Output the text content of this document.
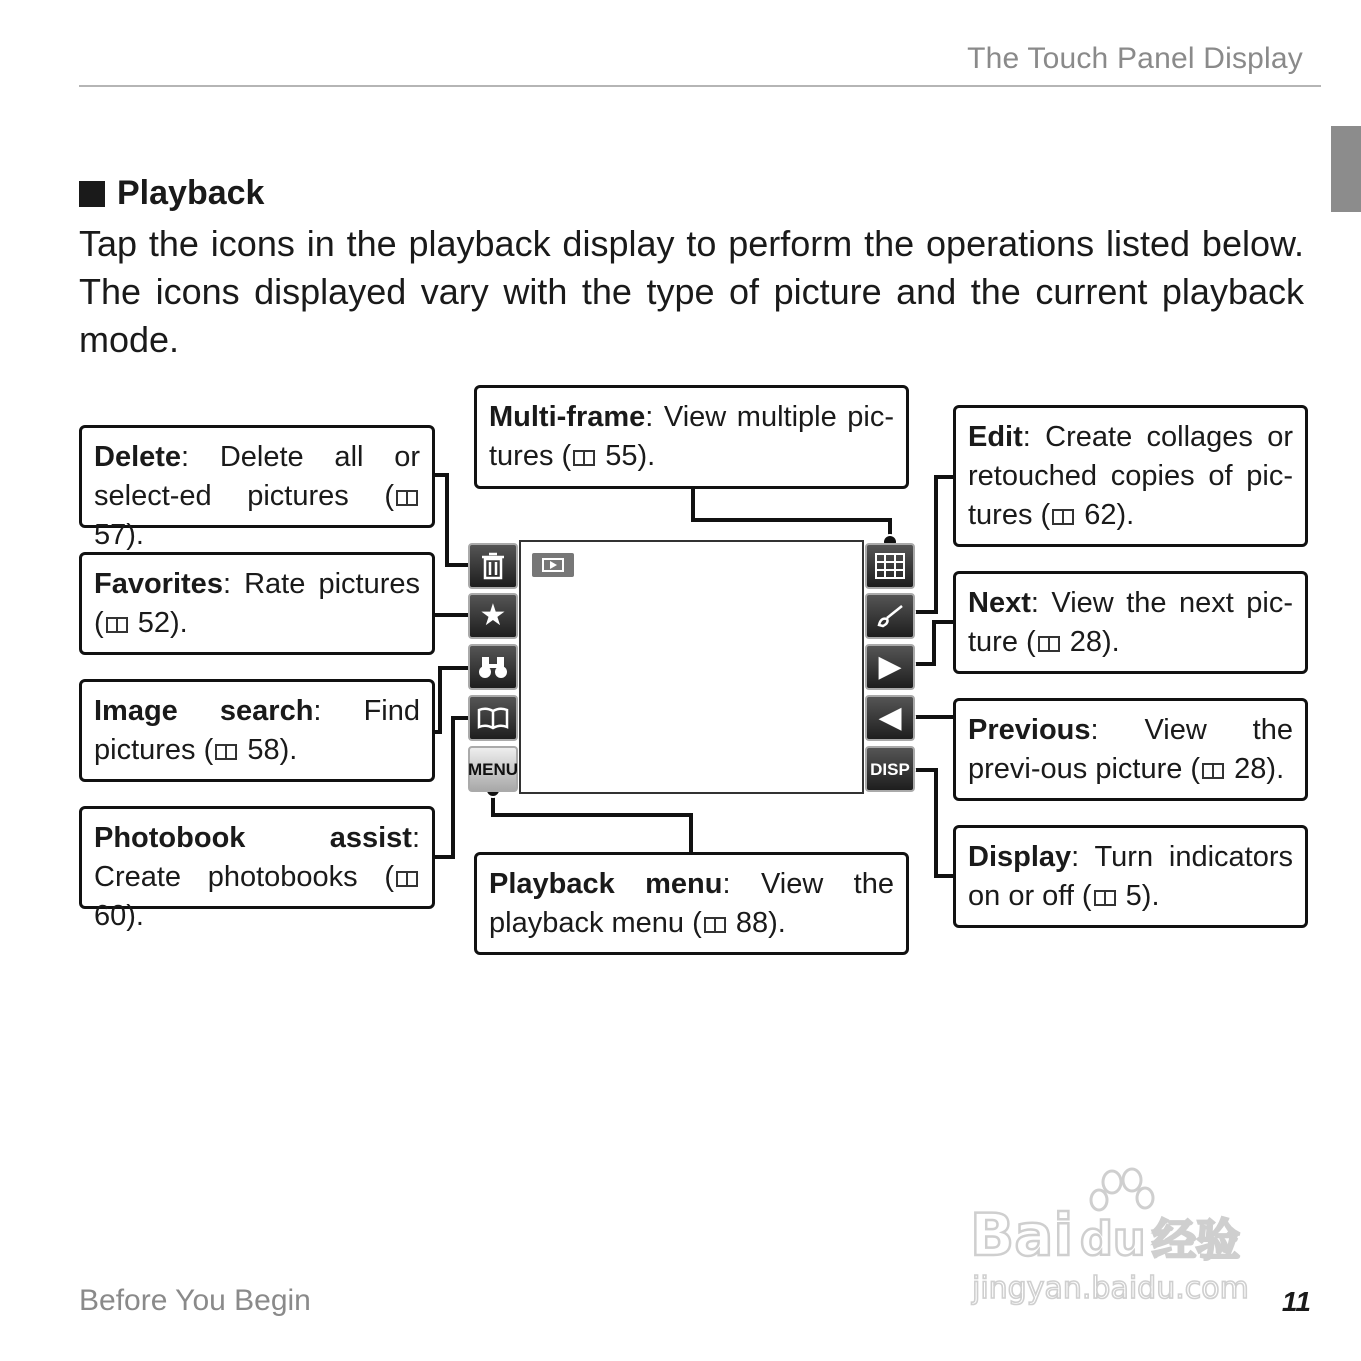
The Touch Panel Display
Playback
Tap the icons in the playback display to perform the operations listed below. The icons displayed vary with the type of picture and the current playback mode.
★
MENU
▶
◀
DISP
Delete: Delete all or select-ed pictures ( 57).
Favorites: Rate pictures ( 52).
Image search: Find pictures ( 58).
Photobook assist: Create photobooks ( 60).
Multi-frame: View multiple pic-tures ( 55).
Playback menu: View the playback menu ( 88).
Edit: Create collages or retouched copies of pic-tures ( 62).
Next: View the next pic-ture ( 28).
Previous: View the previ-ous picture ( 28).
Display: Turn indicators on or off ( 5).
Bai du 经验
jingyan.baidu.com
Before You Begin	11
